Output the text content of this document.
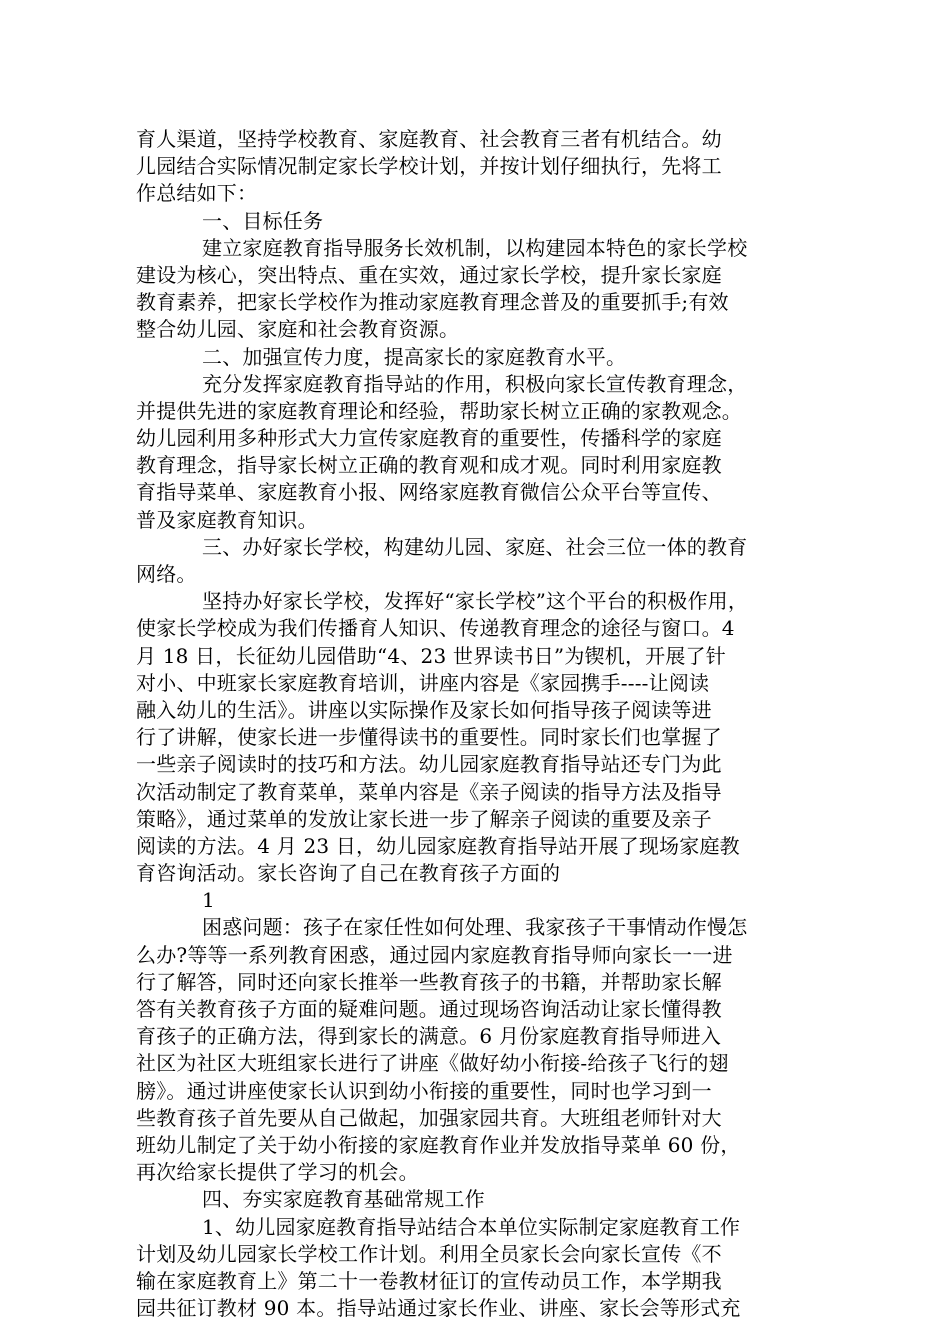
育人渠道，坚持学校教育、家庭教育、社会教育三者有机结合。幼
儿园结合实际情况制定家长学校计划，并按计划仔细执行，先将工
作总结如下：
一、目标任务
建立家庭教育指导服务长效机制，以构建园本特色的家长学校
建设为核心，突出特点、重在实效，通过家长学校，提升家长家庭
教育素养，把家长学校作为推动家庭教育理念普及的重要抓手;有效
整合幼儿园、家庭和社会教育资源。
二、加强宣传力度，提高家长的家庭教育水平。
充分发挥家庭教育指导站的作用，积极向家长宣传教育理念，
并提供先进的家庭教育理论和经验，帮助家长树立正确的家教观念。
幼儿园利用多种形式大力宣传家庭教育的重要性，传播科学的家庭
教育理念，指导家长树立正确的教育观和成才观。同时利用家庭教
育指导菜单、家庭教育小报、网络家庭教育微信公众平台等宣传、
普及家庭教育知识。
三、办好家长学校，构建幼儿园、家庭、社会三位一体的教育
网络。
坚持办好家长学校，发挥好“家长学校”这个平台的积极作用，
使家长学校成为我们传播育人知识、传递教育理念的途径与窗口。4
月 18 日，长征幼儿园借助“4、23 世界读书日”为锲机，开展了针
对小、中班家长家庭教育培训，讲座内容是《家园携手----让阅读
融入幼儿的生活》。讲座以实际操作及家长如何指导孩子阅读等进
行了讲解，使家长进一步懂得读书的重要性。同时家长们也掌握了
一些亲子阅读时的技巧和方法。幼儿园家庭教育指导站还专门为此
次活动制定了教育菜单，菜单内容是《亲子阅读的指导方法及指导
策略》，通过菜单的发放让家长进一步了解亲子阅读的重要及亲子
阅读的方法。4 月 23 日，幼儿园家庭教育指导站开展了现场家庭教
育咨询活动。家长咨询了自己在教育孩子方面的
1
困惑问题：孩子在家任性如何处理、我家孩子干事情动作慢怎
么办?等等一系列教育困惑，通过园内家庭教育指导师向家长一一进
行了解答，同时还向家长推举一些教育孩子的书籍，并帮助家长解
答有关教育孩子方面的疑难问题。通过现场咨询活动让家长懂得教
育孩子的正确方法，得到家长的满意。6 月份家庭教育指导师进入
社区为社区大班组家长进行了讲座《做好幼小衔接-给孩子飞行的翅
膀》。通过讲座使家长认识到幼小衔接的重要性，同时也学习到一
些教育孩子首先要从自己做起，加强家园共育。大班组老师针对大
班幼儿制定了关于幼小衔接的家庭教育作业并发放指导菜单 60 份，
再次给家长提供了学习的机会。
四、夯实家庭教育基础常规工作
1、幼儿园家庭教育指导站结合本单位实际制定家庭教育工作
计划及幼儿园家长学校工作计划。利用全员家长会向家长宣传《不
输在家庭教育上》第二十一卷教材征订的宣传动员工作，本学期我
园共征订教材 90 本。指导站通过家长作业、讲座、家长会等形式充
